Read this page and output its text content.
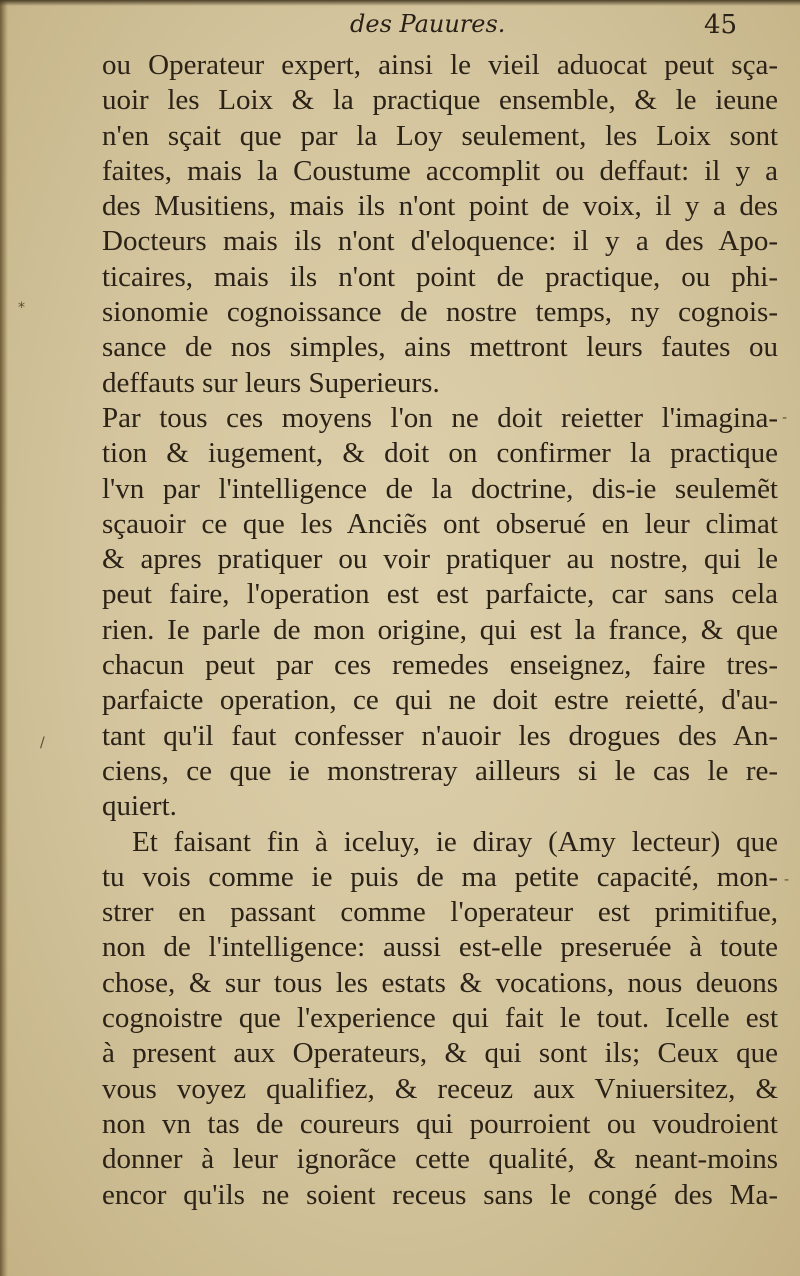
des Pauures.	45
ou Operateur expert, ainsi le vieil aduocat peut sça-
uoir les Loix & la practique ensemble, & le ieune
n'en sçait que par la Loy seulement, les Loix sont
faites, mais la Coustume accomplit ou deffaut: il y a
des Musitiens, mais ils n'ont point de voix, il y a des
Docteurs mais ils n'ont d'eloquence: il y a des Apo-
ticaires, mais ils n'ont point de practique, ou phi-
sionomie cognoissance de nostre temps, ny cognois-
sance de nos simples, ains mettront leurs fautes ou
deffauts sur leurs Superieurs.
Par tous ces moyens l'on ne doit reietter l'imagina-
tion & iugement, & doit on confirmer la practique
l'vn par l'intelligence de la doctrine, dis-ie seulemẽt
sçauoir ce que les Anciẽs ont obserué en leur climat
& apres pratiquer ou voir pratiquer au nostre, qui le
peut faire, l'operation est est parfaicte, car sans cela
rien. Ie parle de mon origine, qui est la france, & que
chacun peut par ces remedes enseignez, faire tres-
parfaicte operation, ce qui ne doit estre reietté, d'au-
tant qu'il faut confesser n'auoir les drogues des An-
ciens, ce que ie monstreray ailleurs si le cas le re-
quiert.
Et faisant fin à iceluy, ie diray (Amy lecteur) que
tu vois comme ie puis de ma petite capacité, mon-
strer en passant comme l'operateur est primitifue,
non de l'intelligence: aussi est-elle preseruée à toute
chose, & sur tous les estats & vocations, nous deuons
cognoistre que l'experience qui fait le tout. Icelle est
à present aux Operateurs, & qui sont ils; Ceux que
vous voyez qualifiez, & receuz aux Vniuersitez, &
non vn tas de coureurs qui pourroient ou voudroient
donner à leur ignorãce cette qualité, & neant-moins
encor qu'ils ne soient receus sans le congé des Ma-
*
-
/
-
